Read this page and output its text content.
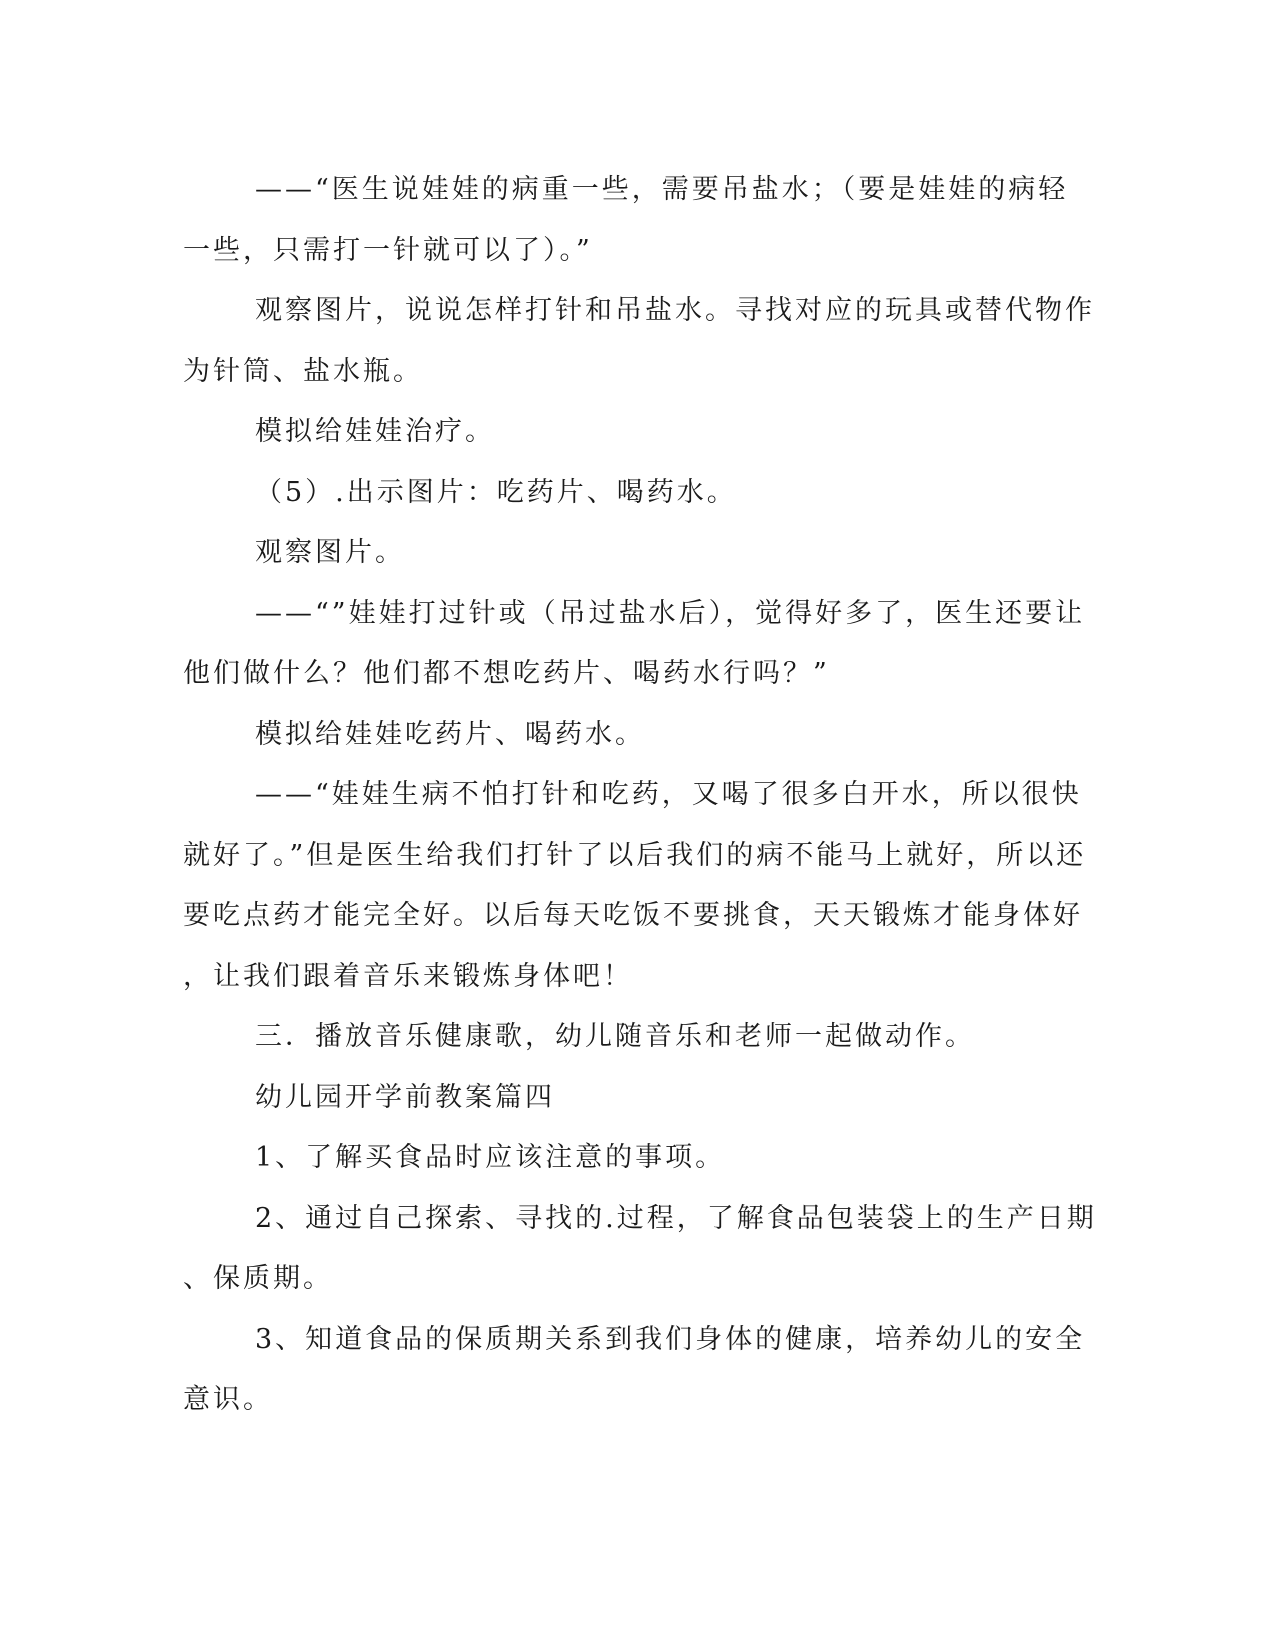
——“医生说娃娃的病重一些，需要吊盐水；（要是娃娃的病轻
一些，只需打一针就可以了）。”
观察图片，说说怎样打针和吊盐水。寻找对应的玩具或替代物作
为针筒、盐水瓶。
模拟给娃娃治疗。
（5）.出示图片：吃药片、喝药水。
观察图片。
——“”娃娃打过针或（吊过盐水后），觉得好多了，医生还要让
他们做什么？他们都不想吃药片、喝药水行吗？”
模拟给娃娃吃药片、喝药水。
——“娃娃生病不怕打针和吃药，又喝了很多白开水，所以很快
就好了。”但是医生给我们打针了以后我们的病不能马上就好，所以还
要吃点药才能完全好。以后每天吃饭不要挑食，天天锻炼才能身体好
，让我们跟着音乐来锻炼身体吧！
三．播放音乐健康歌，幼儿随音乐和老师一起做动作。
幼儿园开学前教案篇四
1、了解买食品时应该注意的事项。
2、通过自己探索、寻找的.过程，了解食品包装袋上的生产日期
、保质期。
3、知道食品的保质期关系到我们身体的健康，培养幼儿的安全
意识。
